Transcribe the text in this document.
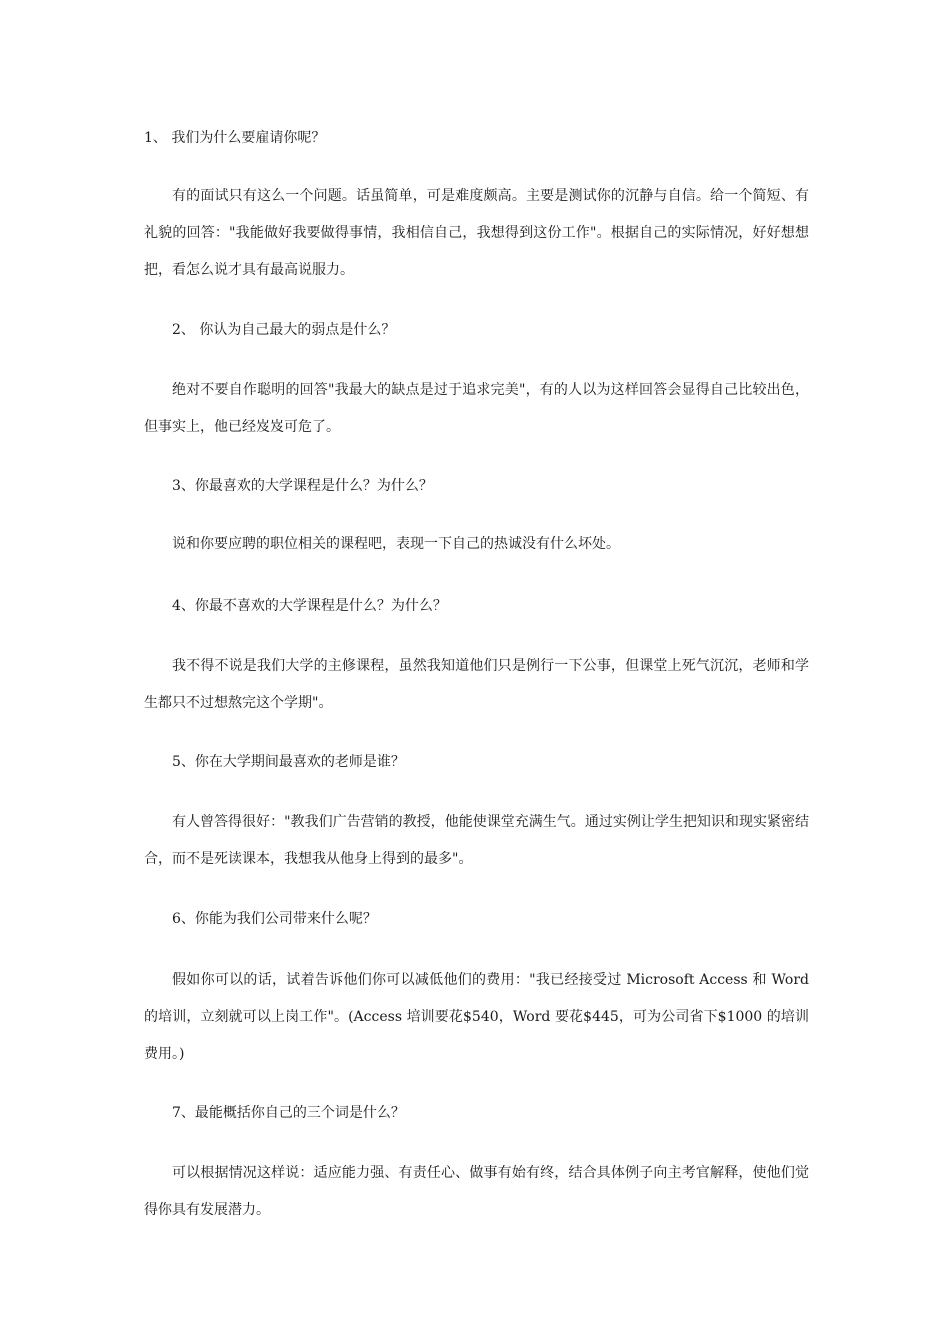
1、 我们为什么要雇请你呢？

有的面试只有这么一个问题。话虽简单，可是难度颇高。主要是测试你的沉静与自信。给一个简短、有礼貌的回答："我能做好我要做得事情，我相信自己，我想得到这份工作"。根据自己的实际情况，好好想想把，看怎么说才具有最高说服力。

2、 你认为自己最大的弱点是什么？

绝对不要自作聪明的回答"我最大的缺点是过于追求完美"，有的人以为这样回答会显得自己比较出色，但事实上，他已经岌岌可危了。

3、你最喜欢的大学课程是什么？为什么？

说和你要应聘的职位相关的课程吧，表现一下自己的热诚没有什么坏处。

4、你最不喜欢的大学课程是什么？为什么？

我不得不说是我们大学的主修课程，虽然我知道他们只是例行一下公事，但课堂上死气沉沉，老师和学生都只不过想熬完这个学期"。

5、你在大学期间最喜欢的老师是谁？

有人曾答得很好："教我们广告营销的教授，他能使课堂充满生气。通过实例让学生把知识和现实紧密结合，而不是死读课本，我想我从他身上得到的最多"。

6、你能为我们公司带来什么呢？

假如你可以的话，试着告诉他们你可以减低他们的费用："我已经接受过 Microsoft Access 和 Word 的培训，立刻就可以上岗工作"。(Access 培训要花$540，Word 要花$445，可为公司省下$1000 的培训费用。)

7、最能概括你自己的三个词是什么？

可以根据情况这样说：适应能力强、有责任心、做事有始有终，结合具体例子向主考官解释，使他们觉得你具有发展潜力。
